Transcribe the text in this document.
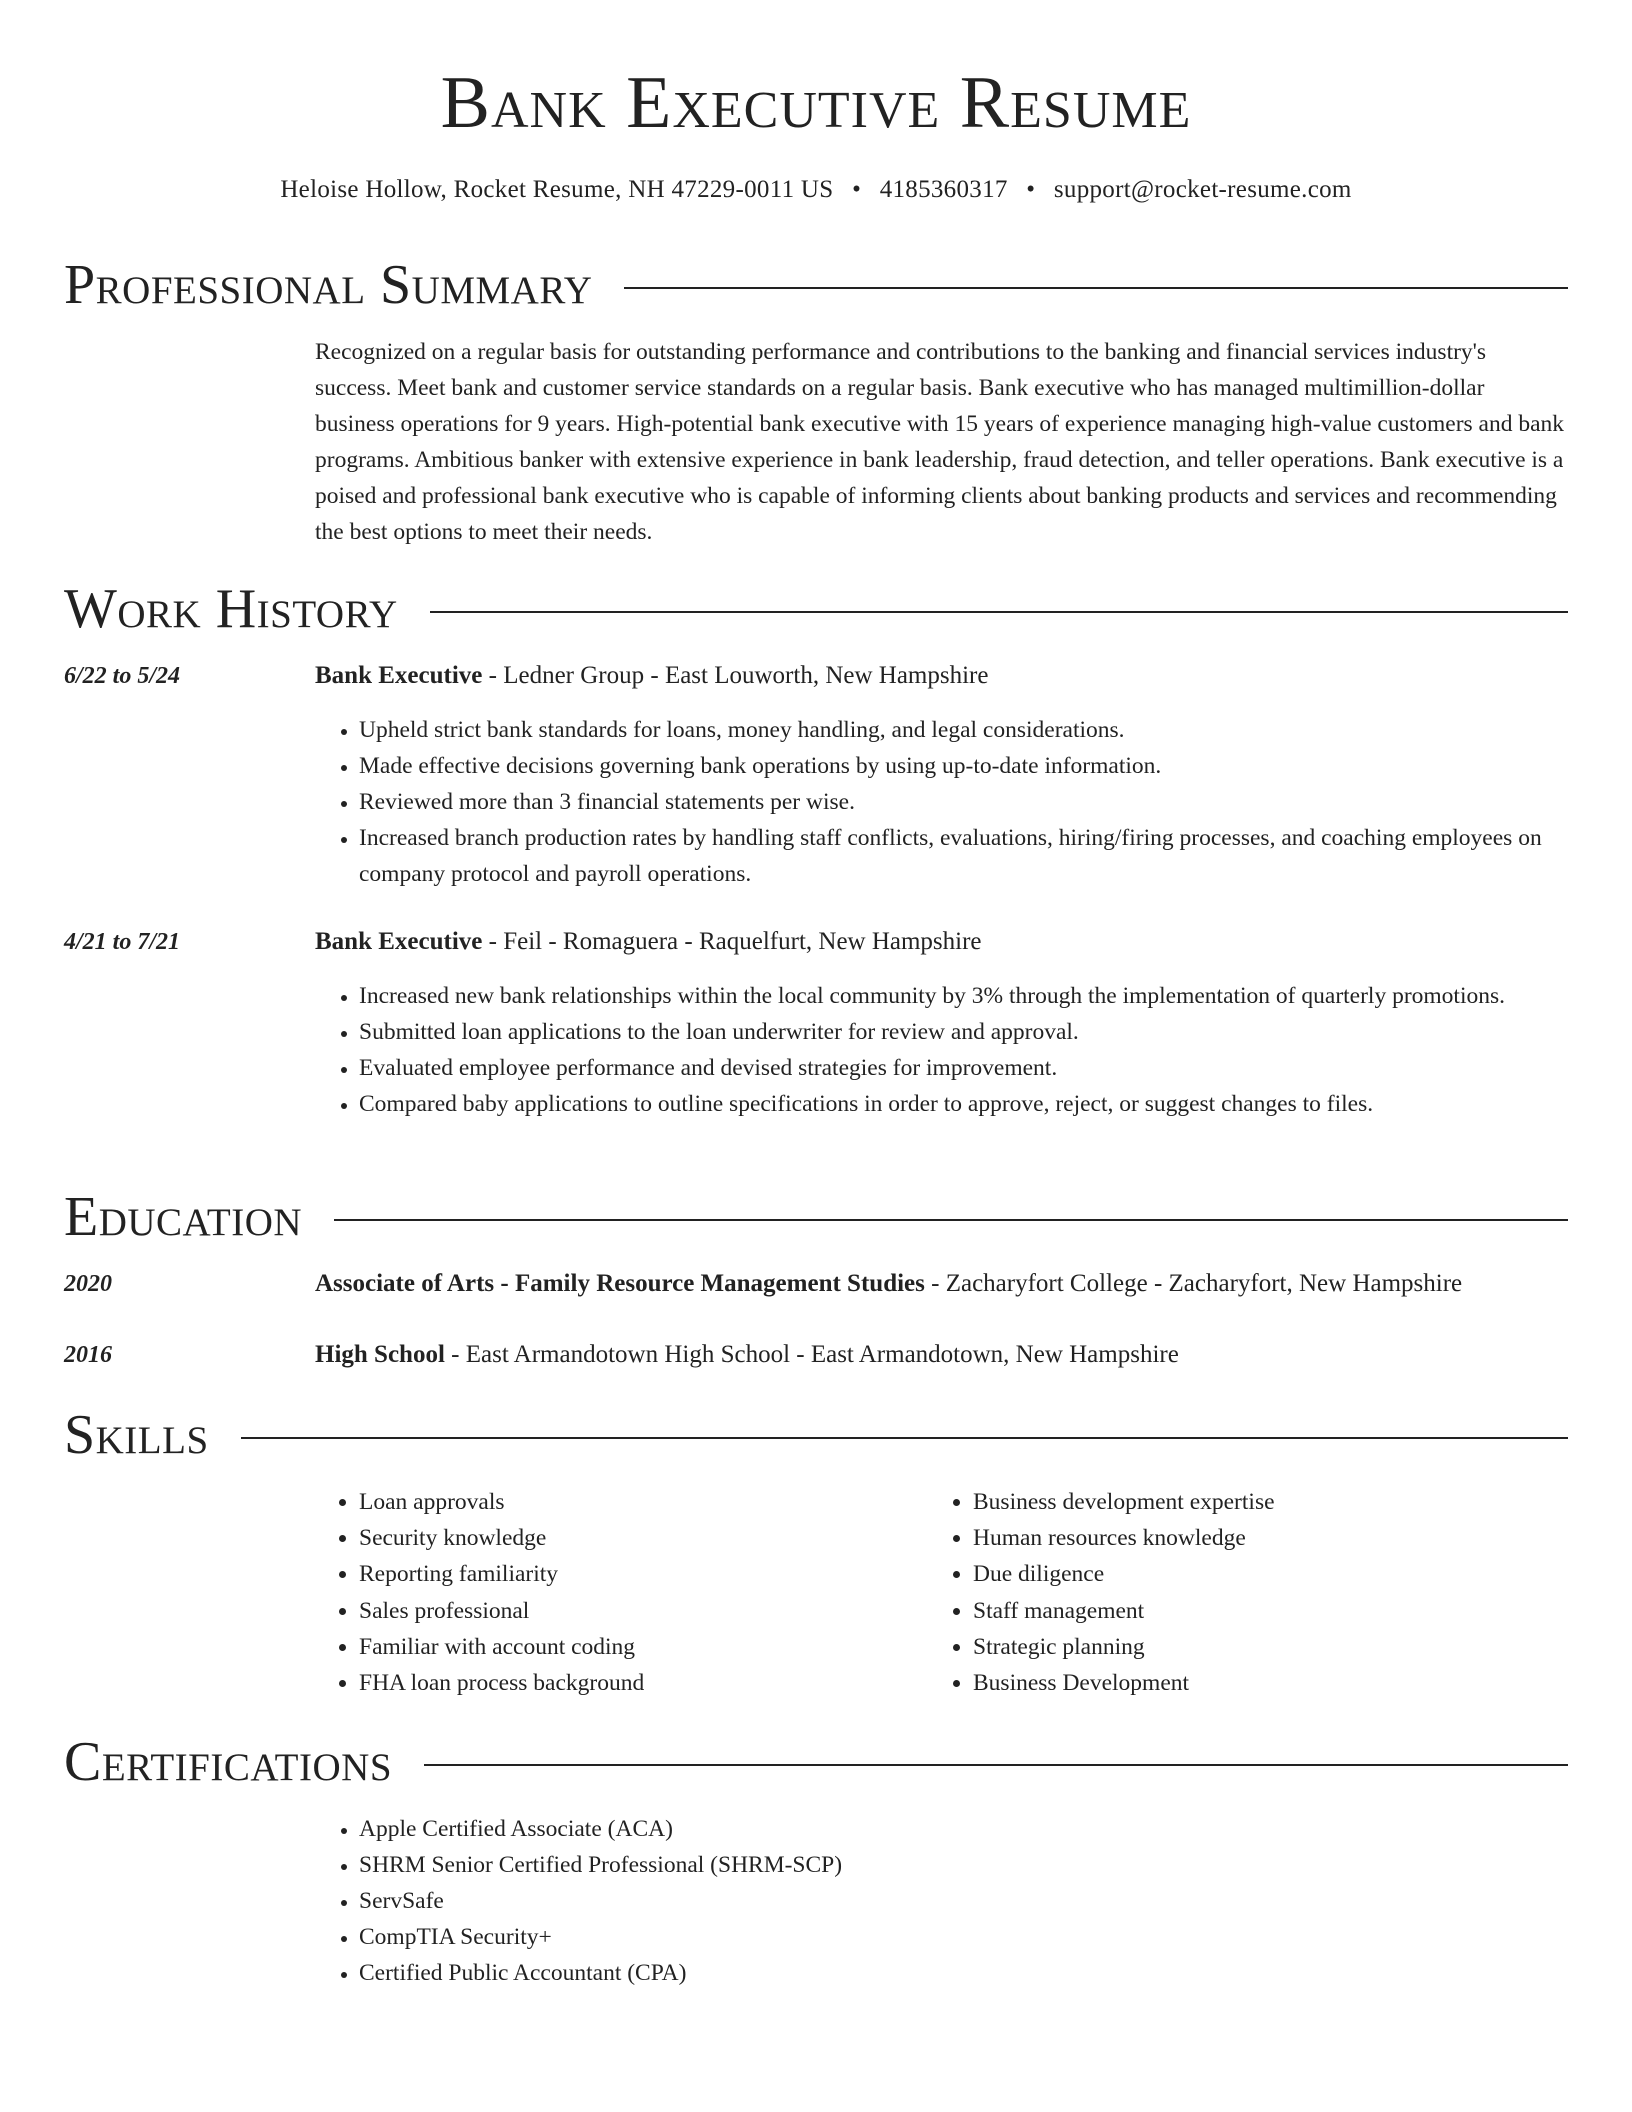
Bank Executive Resume
Heloise Hollow, Rocket Resume, NH 47229-0011 US • 4185360317 • support@rocket-resume.com
Professional Summary

Recognized on a regular basis for outstanding performance and contributions to the banking and financial services industry's success. Meet bank and customer service standards on a regular basis. Bank executive who has managed multimillion-dollar business operations for 9 years. High-potential bank executive with 15 years of experience managing high-value customers and bank programs. Ambitious banker with extensive experience in bank leadership, fraud detection, and teller operations. Bank executive is a poised and professional bank executive who is capable of informing clients about banking products and services and recommending the best options to meet their needs.

Work History
6/22 to 5/24	Bank Executive - Ledner Group - East Louworth, New Hampshire
• Upheld strict bank standards for loans, money handling, and legal considerations.
• Made effective decisions governing bank operations by using up-to-date information.
• Reviewed more than 3 financial statements per wise.
• Increased branch production rates by handling staff conflicts, evaluations, hiring/firing processes, and coaching employees on company protocol and payroll operations.
4/21 to 7/21	Bank Executive - Feil - Romaguera - Raquelfurt, New Hampshire
• Increased new bank relationships within the local community by 3% through the implementation of quarterly promotions.
• Submitted loan applications to the loan underwriter for review and approval.
• Evaluated employee performance and devised strategies for improvement.
• Compared baby applications to outline specifications in order to approve, reject, or suggest changes to files.
Education
2020	Associate of Arts - Family Resource Management Studies - Zacharyfort College - Zacharyfort, New Hampshire
2016	High School - East Armandotown High School - East Armandotown, New Hampshire
Skills
• Loan approvals
• Security knowledge
• Reporting familiarity
• Sales professional
• Familiar with account coding
• FHA loan process background
• Business development expertise
• Human resources knowledge
• Due diligence
• Staff management
• Strategic planning
• Business Development
Certifications
• Apple Certified Associate (ACA)
• SHRM Senior Certified Professional (SHRM-SCP)
• ServSafe
• CompTIA Security+
• Certified Public Accountant (CPA)
